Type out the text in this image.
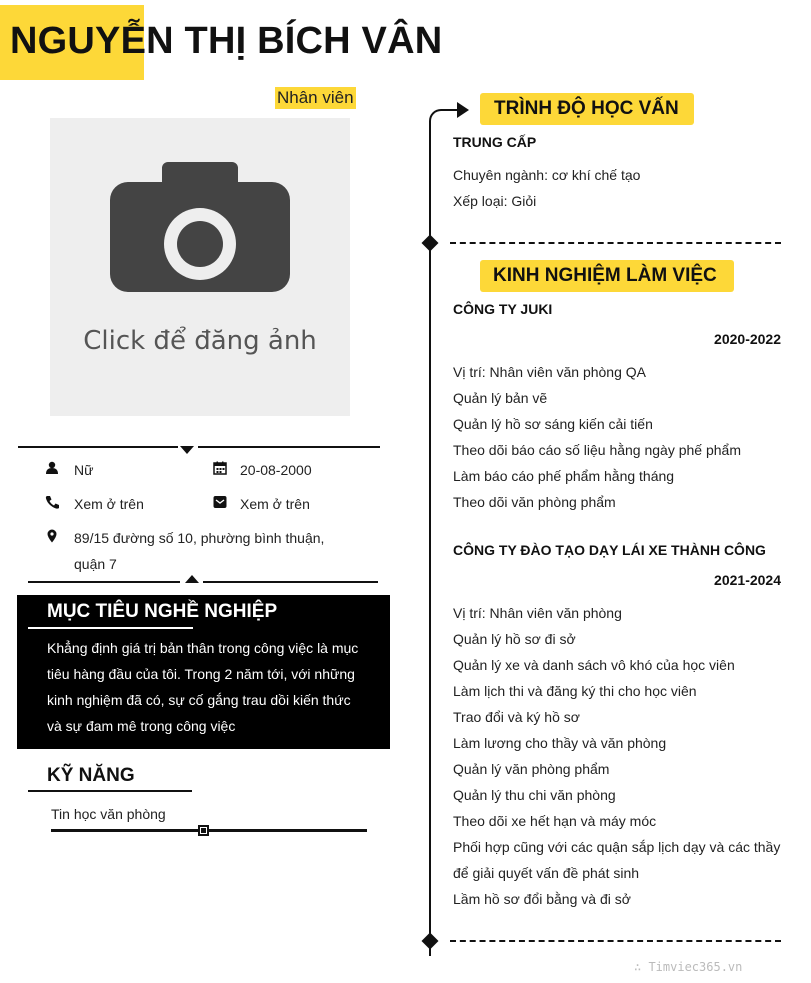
NGUYỄN THỊ BÍCH VÂN
Nhân viên
Click để đăng ảnh
Nữ	20-08-2000
Xem ở trên	Xem ở trên
89/15 đường số 10, phường bình thuận,
quận 7
MỤC TIÊU NGHỀ NGHIỆP
Khẳng định giá trị bản thân trong công việc là mục
tiêu hàng đầu của tôi. Trong 2 năm tới, với những
kinh nghiệm đã có, sự cố gắng trau dồi kiến thức
và sự đam mê trong công việc
KỸ NĂNG
Tin học văn phòng
TRÌNH ĐỘ HỌC VẤN
TRUNG CẤP
Chuyên ngành: cơ khí chế tạo
Xếp loại: Giỏi
KINH NGHIỆM LÀM VIỆC
CÔNG TY JUKI
2020-2022
Vị trí: Nhân viên văn phòng QA
Quản lý bản vẽ
Quản lý hồ sơ sáng kiến cải tiến
Theo dõi báo cáo số liệu hằng ngày phế phẩm
Làm báo cáo phế phẩm hằng tháng
Theo dõi văn phòng phẩm
CÔNG TY ĐÀO TẠO DẠY LÁI XE THÀNH CÔNG
2021-2024
Vị trí: Nhân viên văn phòng
Quản lý hồ sơ đi sở
Quản lý xe và danh sách vô khó của học viên
Làm lịch thi và đăng ký thi cho học viên
Trao đổi và ký hồ sơ
Làm lương cho thầy và văn phòng
Quản lý văn phòng phẩm
Quản lý thu chi văn phòng
Theo dõi xe hết hạn và máy móc
Phối hợp cũng với các quận sắp lịch dạy và các thầy
để giải quyết vấn đề phát sinh
Lầm hồ sơ đổi bằng và đi sở
∴ Timviec365.vn
